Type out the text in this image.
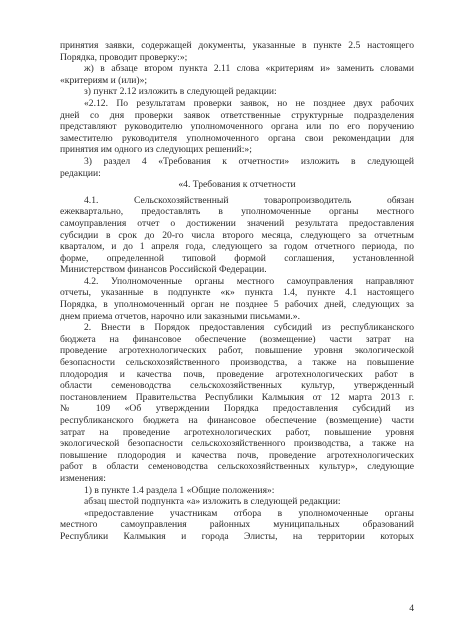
принятия заявки, содержащей документы, указанные в пункте 2.5 настоящего
Порядка, проводит проверку:»;
ж) в абзаце втором пункта 2.11 слова «критериям и» заменить словами
«критериям и (или)»;
з) пункт 2.12 изложить в следующей редакции:
«2.12. По результатам проверки заявок, но не позднее двух рабочих
дней со дня проверки заявок ответственные структурные подразделения
представляют руководителю уполномоченного органа или по его поручению
заместителю руководителя уполномоченного органа свои рекомендации для
принятия им одного из следующих решений:»;
3) раздел 4 «Требования к отчетности» изложить в следующей
редакции:
«4. Требования к отчетности
4.1. Сельскохозяйственный товаропроизводитель обязан
ежеквартально, предоставлять в уполномоченные органы местного
самоуправления отчет о достижении значений результата предоставления
субсидии в срок до 20-го числа второго месяца, следующего за отчетным
кварталом, и до 1 апреля года, следующего за годом отчетного периода, по
форме, определенной типовой формой соглашения, установленной
Министерством финансов Российской Федерации.
4.2. Уполномоченные органы местного самоуправления направляют
отчеты, указанные в подпункте «к» пункта 1.4, пункте 4.1 настоящего
Порядка, в уполномоченный орган не позднее 5 рабочих дней, следующих за
днем приема отчетов, нарочно или заказными письмами.».
2. Внести в Порядок предоставления субсидий из республиканского
бюджета на финансовое обеспечение (возмещение) части затрат на
проведение агротехнологических работ, повышение уровня экологической
безопасности сельскохозяйственного производства, а также на повышение
плодородия и качества почв, проведение агротехнологических работ в
области семеноводства сельскохозяйственных культур, утвержденный
постановлением Правительства Республики Калмыкия от 12 марта 2013 г.
№ 109 «Об утверждении Порядка предоставления субсидий из
республиканского бюджета на финансовое обеспечение (возмещение) части
затрат на проведение агротехнологических работ, повышение уровня
экологической безопасности сельскохозяйственного производства, а также на
повышение плодородия и качества почв, проведение агротехнологических
работ в области семеноводства сельскохозяйственных культур», следующие
изменения:
1) в пункте 1.4 раздела 1 «Общие положения»:
абзац шестой подпункта «а» изложить в следующей редакции:
«предоставление участникам отбора в уполномоченные органы
местного самоуправления районных муниципальных образований
Республики Калмыкия и города Элисты, на территории которых
4
